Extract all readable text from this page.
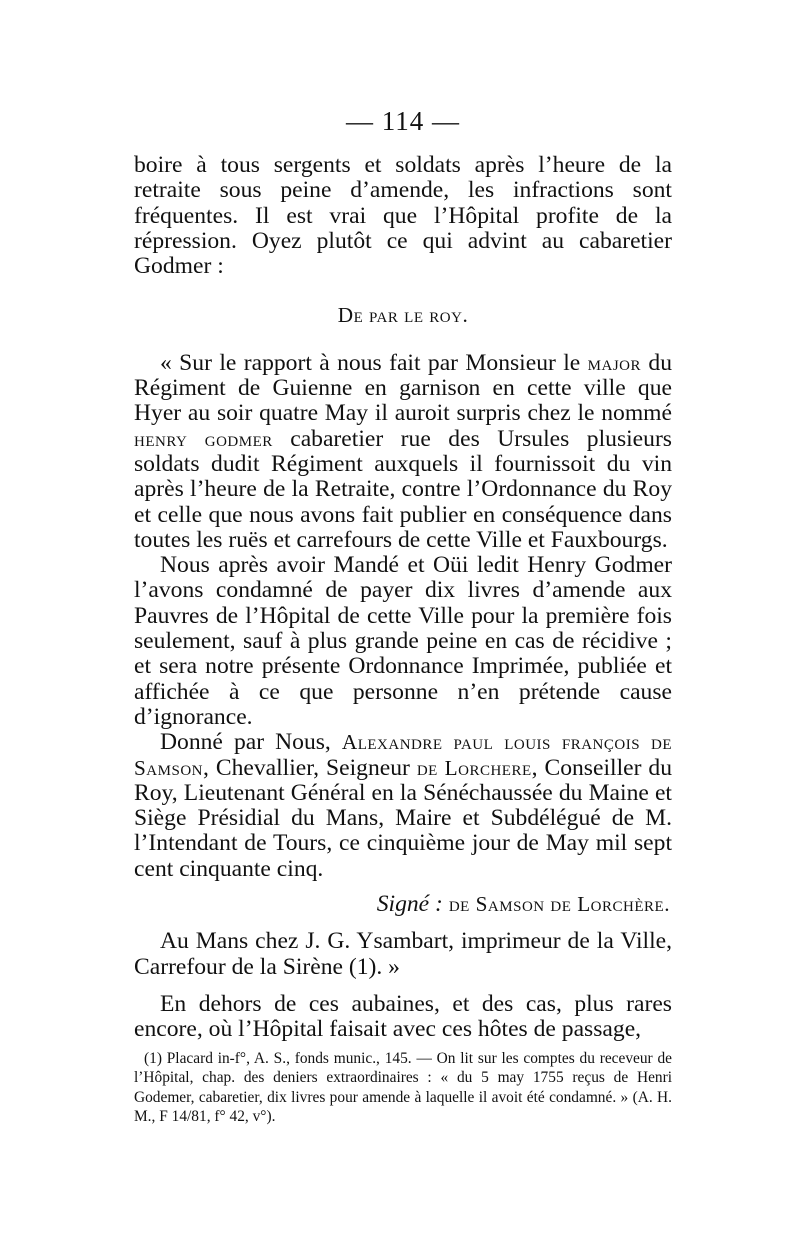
— 114 —

boire à tous sergents et soldats après l’heure de la retraite sous peine d’amende, les infractions sont fréquentes. Il est vrai que l’Hôpital profite de la répression. Oyez plutôt ce qui advint au cabaretier Godmer :

De par le roy.

« Sur le rapport à nous fait par Monsieur le major du Régiment de Guienne en garnison en cette ville que Hyer au soir quatre May il auroit surpris chez le nommé henry godmer cabaretier rue des Ursules plusieurs soldats dudit Régiment auxquels il fournissoit du vin après l’heure de la Retraite, contre l’Ordonnance du Roy et celle que nous avons fait publier en conséquence dans toutes les ruës et carrefours de cette Ville et Fauxbourgs.

Nous après avoir Mandé et Oüi ledit Henry Godmer l’avons condamné de payer dix livres d’amende aux Pauvres de l’Hôpital de cette Ville pour la première fois seulement, sauf à plus grande peine en cas de récidive ; et sera notre présente Ordonnance Imprimée, publiée et affichée à ce que personne n’en prétende cause d’ignorance.

Donné par Nous, Alexandre paul louis françois de Samson, Chevallier, Seigneur de Lorchere, Conseiller du Roy, Lieutenant Général en la Sénéchaussée du Maine et Siège Présidial du Mans, Maire et Subdélégué de M. l’Intendant de Tours, ce cinquième jour de May mil sept cent cinquante cinq.

Signé : de Samson de Lorchère.

Au Mans chez J. G. Ysambart, imprimeur de la Ville, Carrefour de la Sirène (1). »

En dehors de ces aubaines, et des cas, plus rares encore, où l’Hôpital faisait avec ces hôtes de passage,

(1) Placard in-f°, A. S., fonds munic., 145. — On lit sur les comptes du receveur de l’Hôpital, chap. des deniers extraordinaires : « du 5 may 1755 reçus de Henri Godemer, cabaretier, dix livres pour amende à laquelle il avoit été condamné. » (A. H. M., F 14/81, f° 42, v°).
